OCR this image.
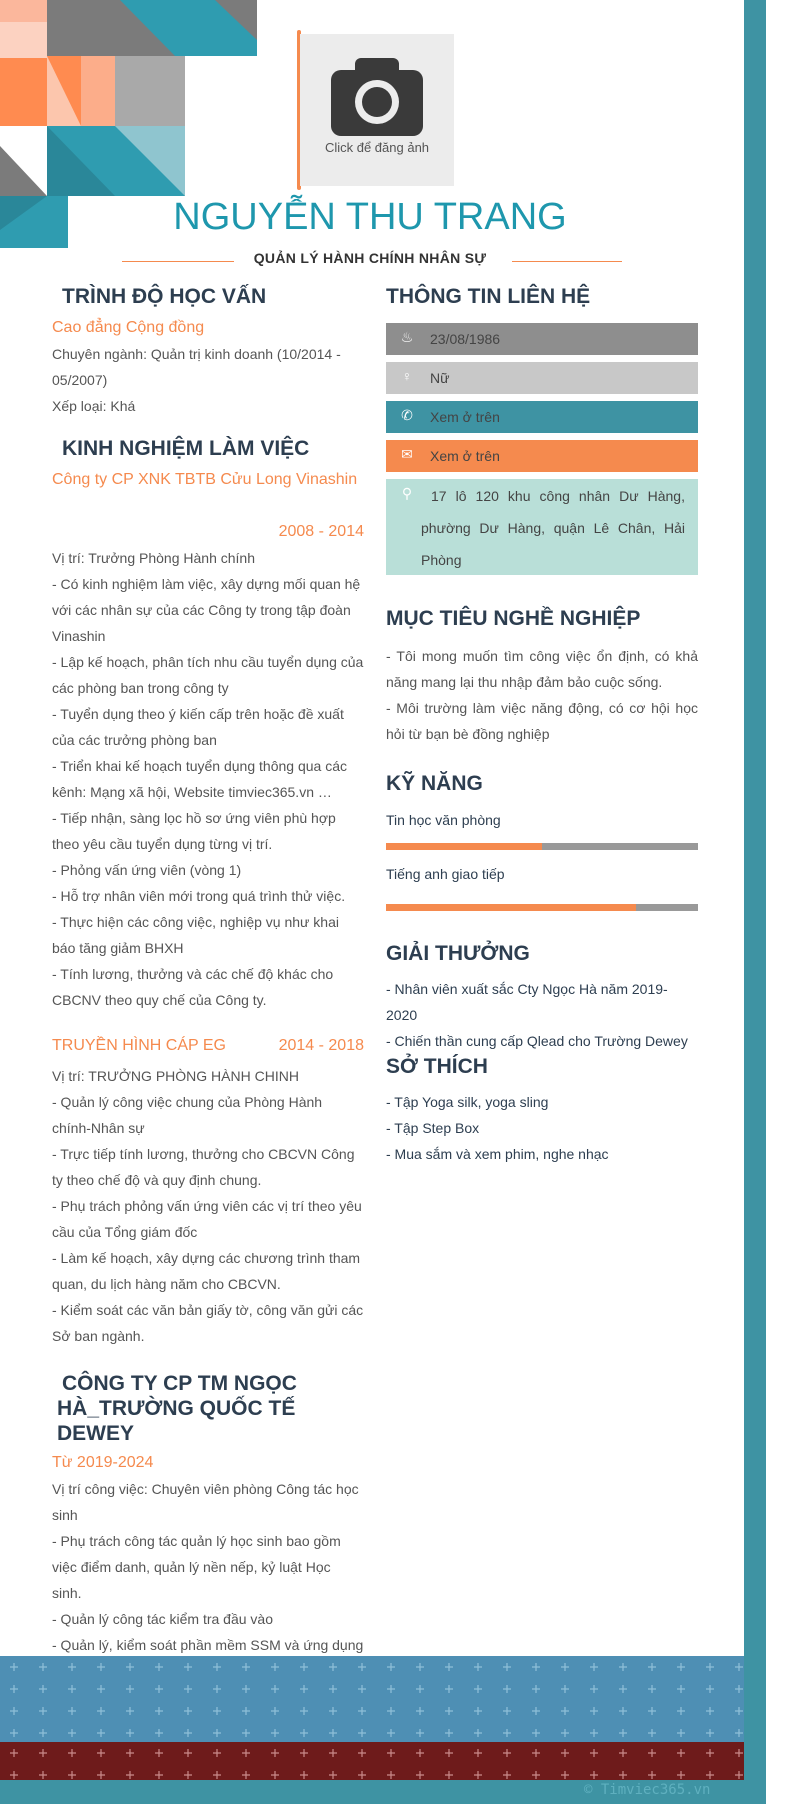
Click để đăng ảnh
NGUYỄN THU TRANG
QUẢN LÝ HÀNH CHÍNH NHÂN SỰ
TRÌNH ĐỘ HỌC VẤN
Cao đẳng Cộng đồng
Chuyên ngành: Quản trị kinh doanh (10/2014 - 05/2007)
Xếp loại: Khá
KINH NGHIỆM LÀM VIỆC
Công ty CP XNK TBTB Cửu Long Vinashin
2008 - 2014
Vị trí: Trưởng Phòng Hành chính
- Có kinh nghiệm làm việc, xây dựng mối quan hệ với các nhân sự của các Công ty trong tập đoàn Vinashin
- Lập kế hoạch, phân tích nhu cầu tuyển dụng của các phòng ban trong công ty
- Tuyển dụng theo ý kiến cấp trên hoặc đề xuất của các trưởng phòng ban
- Triển khai kế hoạch tuyển dụng thông qua các kênh: Mạng xã hội, Website timviec365.vn …
- Tiếp nhận, sàng lọc hồ sơ ứng viên phù hợp theo yêu cầu tuyển dụng từng vị trí.
- Phỏng vấn ứng viên (vòng 1)
- Hỗ trợ nhân viên mới trong quá trình thử việc.
- Thực hiện các công việc, nghiệp vụ như khai báo tăng giảm BHXH
- Tính lương, thưởng và các chế độ khác cho CBCNV theo quy chế của Công ty.
TRUYỀN HÌNH CÁP EG	2014 - 2018
Vị trí: TRƯỞNG PHÒNG HÀNH CHINH
- Quản lý công việc chung của Phòng Hành chính-Nhân sự
- Trực tiếp tính lương, thưởng cho CBCVN Công ty theo chế độ và quy định chung.
- Phụ trách phỏng vấn ứng viên các vị trí theo yêu cầu của Tổng giám đốc
- Làm kế hoạch, xây dựng các chương trình tham quan, du lịch hàng năm cho CBCVN.
- Kiểm soát các văn bản giấy tờ, công văn gửi các Sở ban ngành.
CÔNG TY CP TM NGỌC
HÀ_TRƯỜNG QUỐC TẾ DEWEY
Từ 2019-2024
Vị trí công việc: Chuyên viên phòng Công tác học sinh
- Phụ trách công tác quản lý học sinh bao gồm việc điểm danh, quản lý nền nếp, kỷ luật Học sinh.
- Quản lý công tác kiểm tra đầu vào
- Quản lý, kiểm soát phần mềm SSM và ứng dụng
THÔNG TIN LIÊN HỆ
♨ 23/08/1986
♀ Nữ
✆ Xem ở trên
✉ Xem ở trên
⚲	17 lô 120 khu công nhân Dư Hàng, phường Dư Hàng, quận Lê Chân, Hải Phòng
MỤC TIÊU NGHỀ NGHIỆP
- Tôi mong muốn tìm công việc ổn định, có khả năng mang lại thu nhập đảm bảo cuộc sống.
- Môi trường làm việc năng động, có cơ hội học hỏi từ bạn bè đồng nghiệp
KỸ NĂNG
Tin học văn phòng
Tiếng anh giao tiếp
GIẢI THƯỞNG
- Nhân viên xuất sắc Cty Ngọc Hà năm 2019-2020
- Chiến thần cung cấp Qlead cho Trường Dewey
SỞ THÍCH
- Tập Yoga silk, yoga sling
- Tập Step Box
- Mua sắm và xem phim, nghe nhạc
© Timviec365.vn
